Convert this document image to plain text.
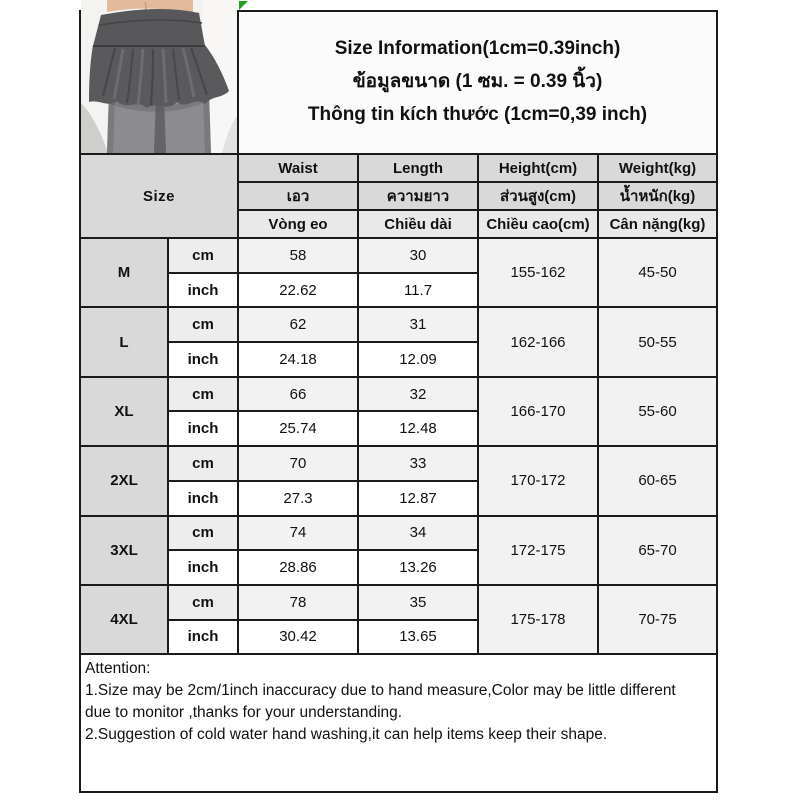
		Size Information(1cm=0.39inch)
ข้อมูลขนาด (1 ซม. = 0.39 นิ้ว)
Thông tin kích thước (1cm=0,39 inch)			

Size		Waist	Length	Height(cm)	Weight(kg)
		เอว	ความยาว	ส่วนสูง(cm)	น้ำหนัก(kg)
		Vòng eo	Chiều dài	Chiều cao(cm)	Cân nặng(kg)
M	cm	58	30	155-162	45-50
	inch	22.62	11.7		
L	cm	62	31	162-166	50-55
	inch	24.18	12.09		
XL	cm	66	32	166-170	55-60
	inch	25.74	12.48		
2XL	cm	70	33	170-172	60-65
	inch	27.3	12.87		
3XL	cm	74	34	172-175	65-70
	inch	28.86	13.26		
4XL	cm	78	35	175-178	70-75
	inch	30.42	13.65		

Attention:
1.Size may be 2cm/1inch inaccuracy due to hand measure,Color may be little different
due to monitor ,thanks for your understanding.
2.Suggestion of cold water hand washing,it can help items keep their shape.					
